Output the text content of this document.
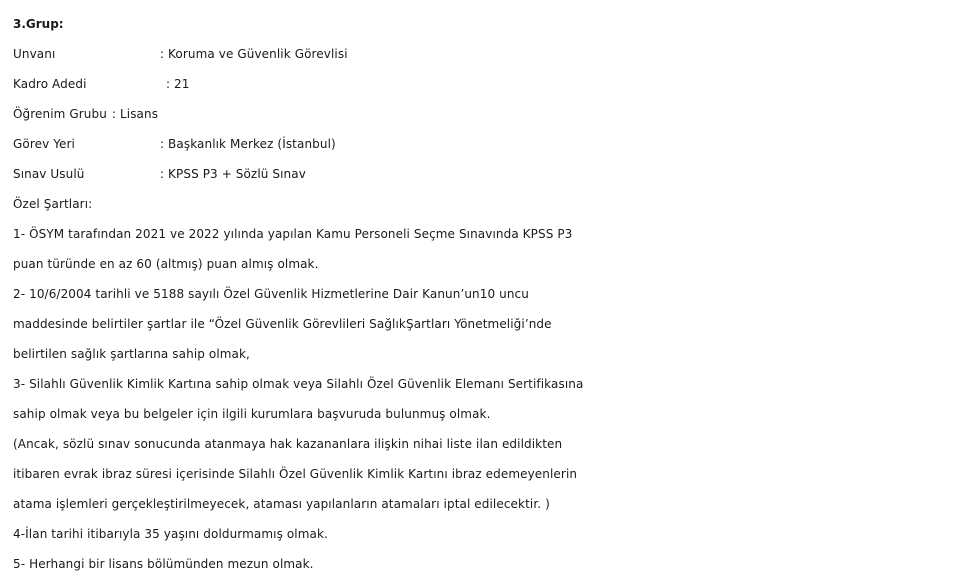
3.Grup:
Unvanı	: Koruma ve Güvenlik Görevlisi
Kadro Adedi	: 21
Öğrenim Grubu : Lisans
Görev Yeri	: Başkanlık Merkez (İstanbul)
Sınav Usulü	: KPSS P3 + Sözlü Sınav
Özel Şartları:
1- ÖSYM tarafından 2021 ve 2022 yılında yapılan Kamu Personeli Seçme Sınavında KPSS P3
puan türünde en az 60 (altmış) puan almış olmak.
2- 10/6/2004 tarihli ve 5188 sayılı Özel Güvenlik Hizmetlerine Dair Kanun’un10 uncu
maddesinde belirtiler şartlar ile “Özel Güvenlik Görevlileri SağlıkŞartları Yönetmeliği’nde
belirtilen sağlık şartlarına sahip olmak,
3- Silahlı Güvenlik Kimlik Kartına sahip olmak veya Silahlı Özel Güvenlik Elemanı Sertifikasına
sahip olmak veya bu belgeler için ilgili kurumlara başvuruda bulunmuş olmak.
(Ancak, sözlü sınav sonucunda atanmaya hak kazananlara ilişkin nihai liste ilan edildikten
itibaren evrak ibraz süresi içerisinde Silahlı Özel Güvenlik Kimlik Kartını ibraz edemeyenlerin
atama işlemleri gerçekleştirilmeyecek, ataması yapılanların atamaları iptal edilecektir. )
4-İlan tarihi itibarıyla 35 yaşını doldurmamış olmak.
5- Herhangi bir lisans bölümünden mezun olmak.
